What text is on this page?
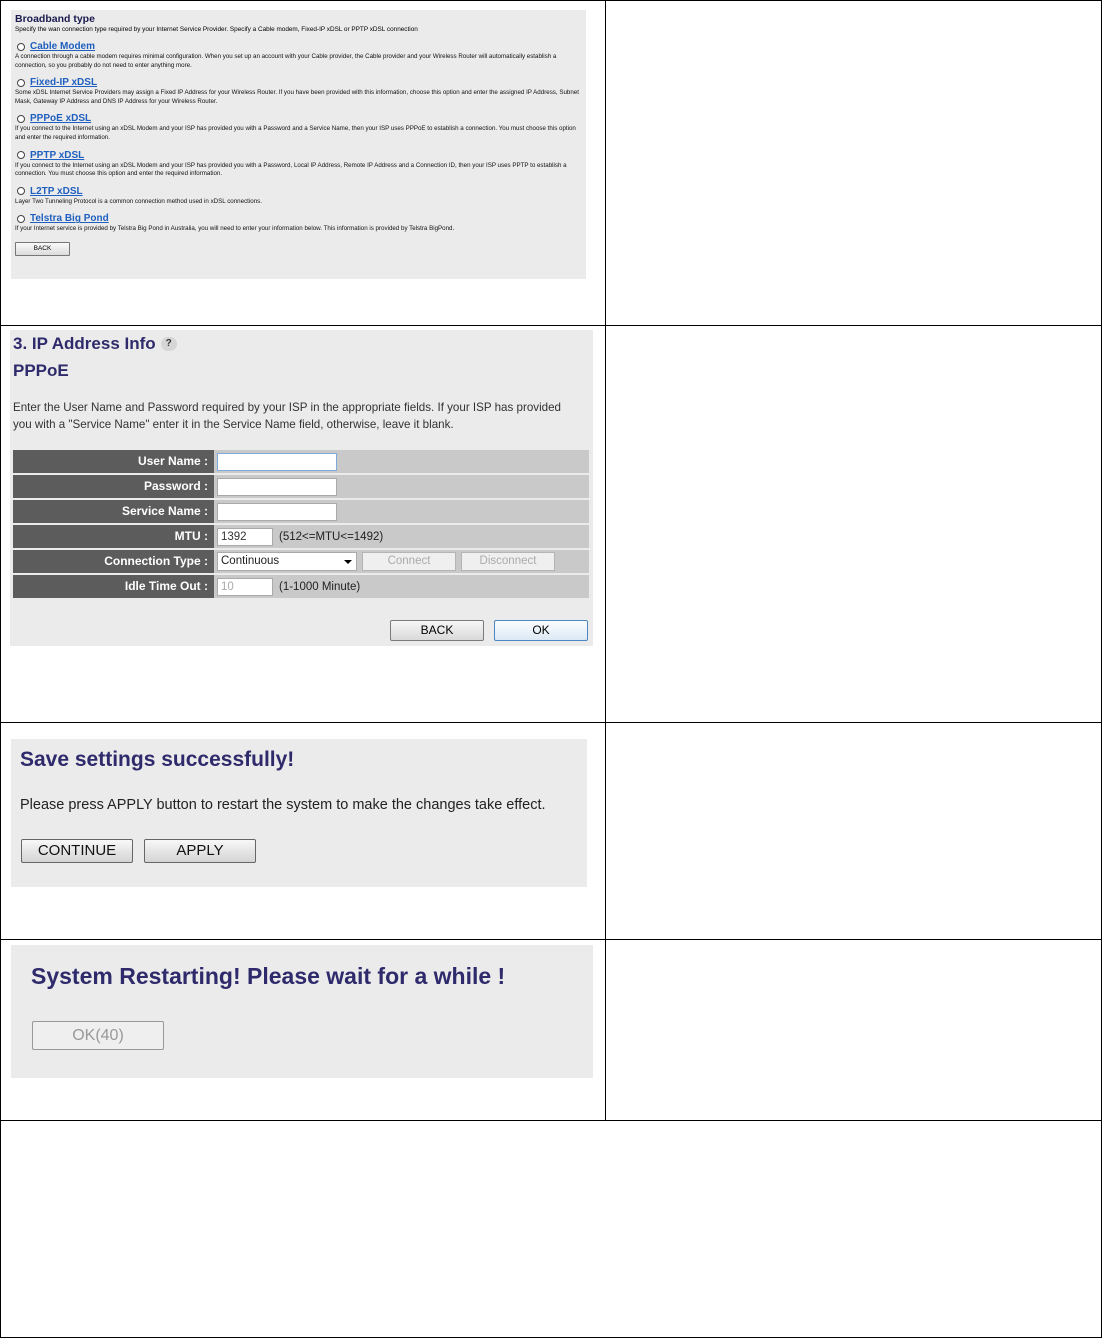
Broadband type

Specify the wan connection type required by your Internet Service Provider. Specify a Cable modem, Fixed-IP xDSL or PPTP xDSL connection

Cable Modem

A connection through a cable modem requires minimal configuration. When you set up an account with your Cable provider, the Cable provider and your Wireless Router will automatically establish a connection, so you probably do not need to enter anything more.

Fixed-IP xDSL

Some xDSL Internet Service Providers may assign a Fixed IP Address for your Wireless Router. If you have been provided with this information, choose this option and enter the assigned IP Address, Subnet Mask, Gateway IP Address and DNS IP Address for your Wireless Router.

PPPoE xDSL

If you connect to the Internet using an xDSL Modem and your ISP has provided you with a Password and a Service Name, then your ISP uses PPPoE to establish a connection. You must choose this option and enter the required information.

PPTP xDSL

If you connect to the Internet using an xDSL Modem and your ISP has provided you with a Password, Local IP Address, Remote IP Address and a Connection ID, then your ISP uses PPTP to establish a connection. You must choose this option and enter the required information.

L2TP xDSL

Layer Two Tunneling Protocol is a common connection method used in xDSL connections.

Telstra Big Pond

If your Internet service is provided by Telstra Big Pond in Australia, you will need to enter your information below. This information is provided by Telstra BigPond.

BACK
3. IP Address Info ?
PPPoE
Enter the User Name and Password required by your ISP in the appropriate fields. If your ISP has provided you with a "Service Name" enter it in the Service Name field, otherwise, leave it blank.
User Name :
Password :
Service Name :
MTU :	1392	(512<=MTU<=1492)
Connection Type :	Continuous	Connect	Disconnect
Idle Time Out :	10	(1-1000 Minute)
BACK	OK
Save settings successfully!
Please press APPLY button to restart the system to make the changes take effect.
CONTINUE	APPLY
System Restarting! Please wait for a while !
OK(40)
